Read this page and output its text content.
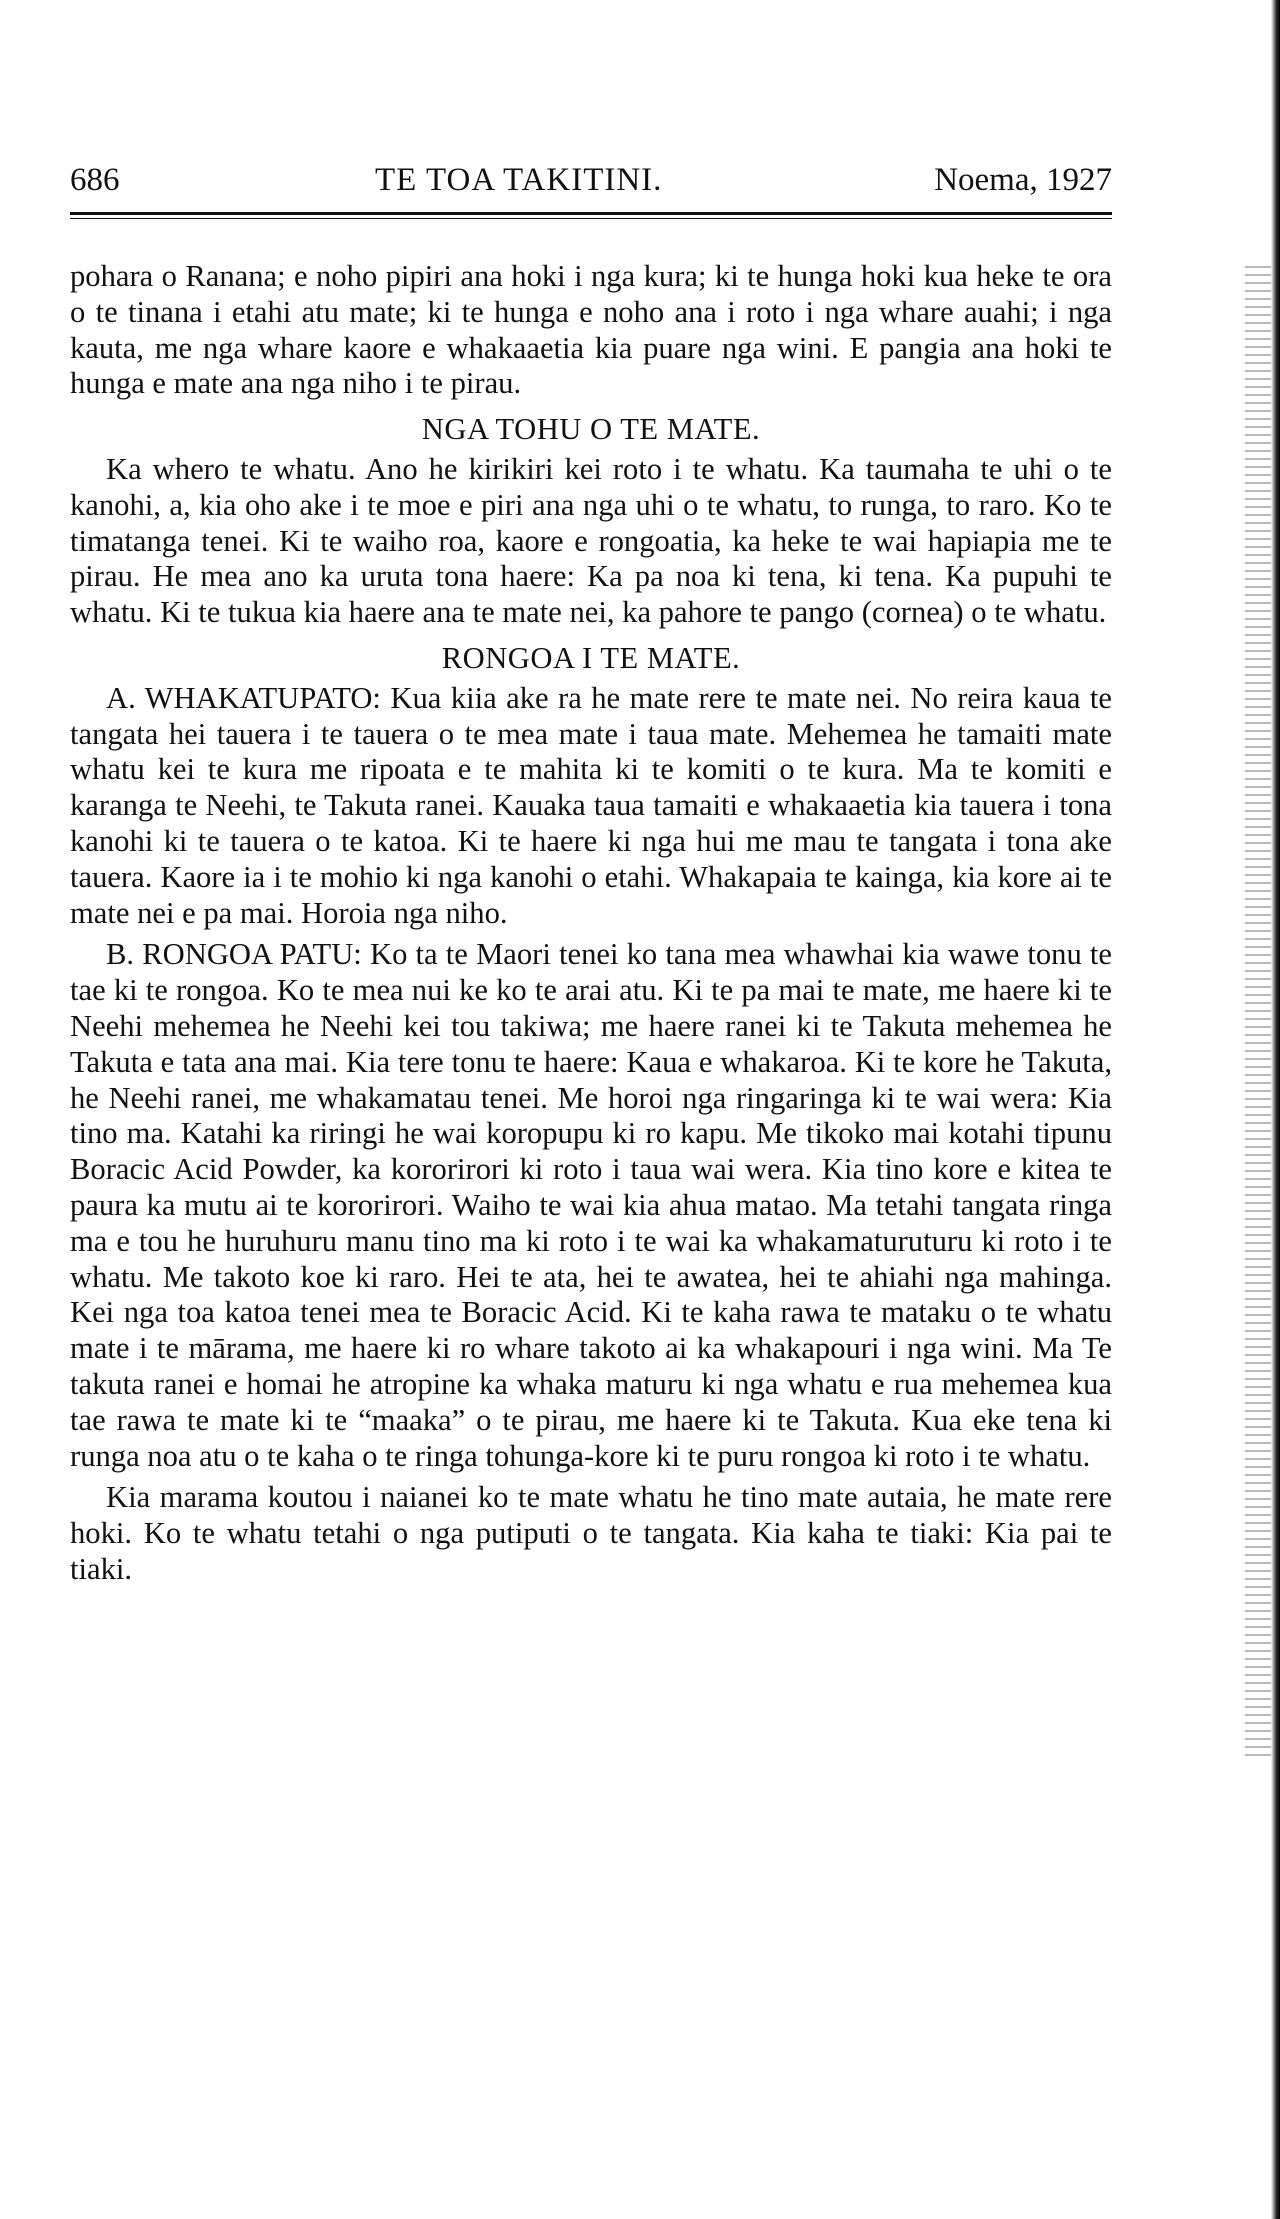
686	TE TOA TAKITINI.	Noema, 1927

pohara o Ranana; e noho pipiri ana hoki i nga kura; ki te hunga hoki kua heke te ora o te tinana i etahi atu mate; ki te hunga e noho ana i roto i nga whare auahi; i nga kauta, me nga whare kaore e whakaaetia kia puare nga wini. E pangia ana hoki te hunga e mate ana nga niho i te pirau.

NGA TOHU O TE MATE.

Ka whero te whatu. Ano he kirikiri kei roto i te whatu. Ka taumaha te uhi o te kanohi, a, kia oho ake i te moe e piri ana nga uhi o te whatu, to runga, to raro. Ko te timatanga tenei. Ki te waiho roa, kaore e rongoatia, ka heke te wai hapiapia me te pirau. He mea ano ka uruta tona haere: Ka pa noa ki tena, ki tena. Ka pupuhi te whatu. Ki te tukua kia haere ana te mate nei, ka pahore te pango (cornea) o te whatu.

RONGOA I TE MATE.

A. WHAKATUPATO: Kua kiia ake ra he mate rere te mate nei. No reira kaua te tangata hei tauera i te tauera o te mea mate i taua mate. Mehemea he tamaiti mate whatu kei te kura me ripoata e te mahita ki te komiti o te kura. Ma te komiti e karanga te Neehi, te Takuta ranei. Kauaka taua tamaiti e whakaaetia kia tauera i tona kanohi ki te tauera o te katoa. Ki te haere ki nga hui me mau te tangata i tona ake tauera. Kaore ia i te mohio ki nga kanohi o etahi. Whakapaia te kainga, kia kore ai te mate nei e pa mai. Horoia nga niho.

B. RONGOA PATU: Ko ta te Maori tenei ko tana mea whawhai kia wawe tonu te tae ki te rongoa. Ko te mea nui ke ko te arai atu. Ki te pa mai te mate, me haere ki te Neehi mehemea he Neehi kei tou takiwa; me haere ranei ki te Takuta mehemea he Takuta e tata ana mai. Kia tere tonu te haere: Kaua e whakaroa. Ki te kore he Takuta, he Neehi ranei, me whakamatau tenei. Me horoi nga ringaringa ki te wai wera: Kia tino ma. Katahi ka riringi he wai koropupu ki ro kapu. Me tikoko mai kotahi tipunu Boracic Acid Powder, ka kororirori ki roto i taua wai wera. Kia tino kore e kitea te paura ka mutu ai te kororirori. Waiho te wai kia ahua matao. Ma tetahi tangata ringa ma e tou he huruhuru manu tino ma ki roto i te wai ka whakamaturuturu ki roto i te whatu. Me takoto koe ki raro. Hei te ata, hei te awatea, hei te ahiahi nga mahinga. Kei nga toa katoa tenei mea te Boracic Acid. Ki te kaha rawa te mataku o te whatu mate i te mārama, me haere ki ro whare takoto ai ka whakapouri i nga wini. Ma Te takuta ranei e homai he atropine ka whaka maturu ki nga whatu e rua mehemea kua tae rawa te mate ki te “maaka” o te pirau, me haere ki te Takuta. Kua eke tena ki runga noa atu o te kaha o te ringa tohunga-kore ki te puru rongoa ki roto i te whatu.

Kia marama koutou i naianei ko te mate whatu he tino mate autaia, he mate rere hoki. Ko te whatu tetahi o nga putiputi o te tangata. Kia kaha te tiaki: Kia pai te tiaki.
